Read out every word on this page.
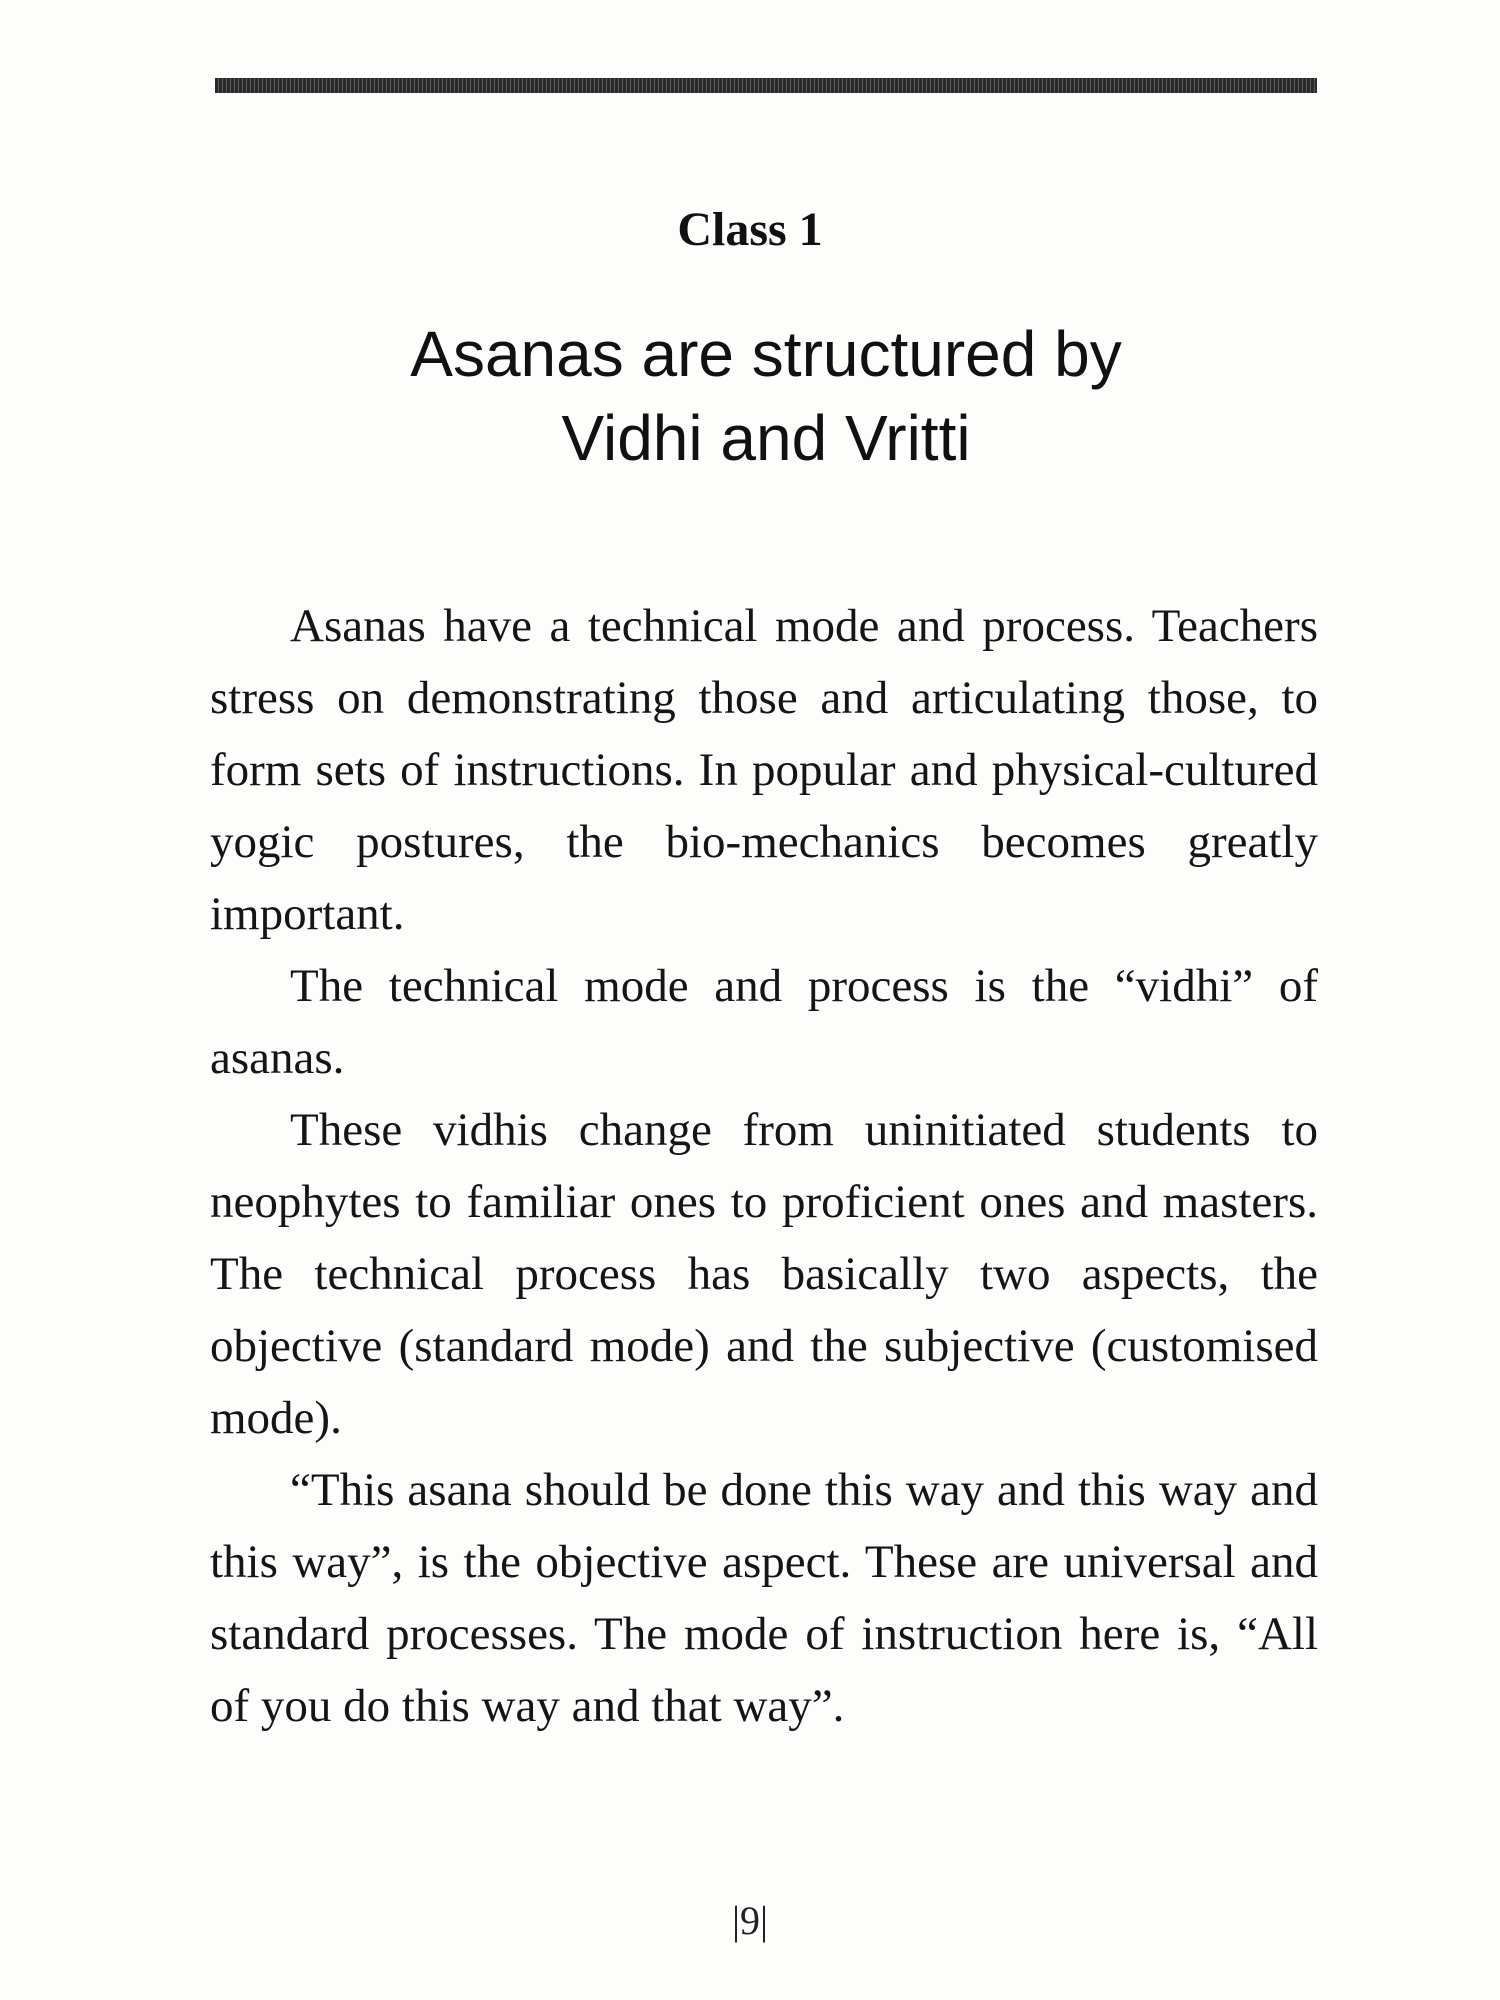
Class 1
Asanas are structured by
Vidhi and Vritti

Asanas have a technical mode and process. Teachers stress on demonstrating those and articulating those, to form sets of instructions. In popular and physical-cultured yogic postures, the bio-mechanics becomes greatly important.

The technical mode and process is the “vidhi” of asanas.

These vidhis change from uninitiated students to neophytes to familiar ones to proficient ones and masters. The technical process has basically two aspects, the objective (standard mode) and the subjective (customised mode).

“This asana should be done this way and this way and this way”, is the objective aspect. These are universal and standard processes. The mode of instruction here is, “All of you do this way and that way”.

|9|
